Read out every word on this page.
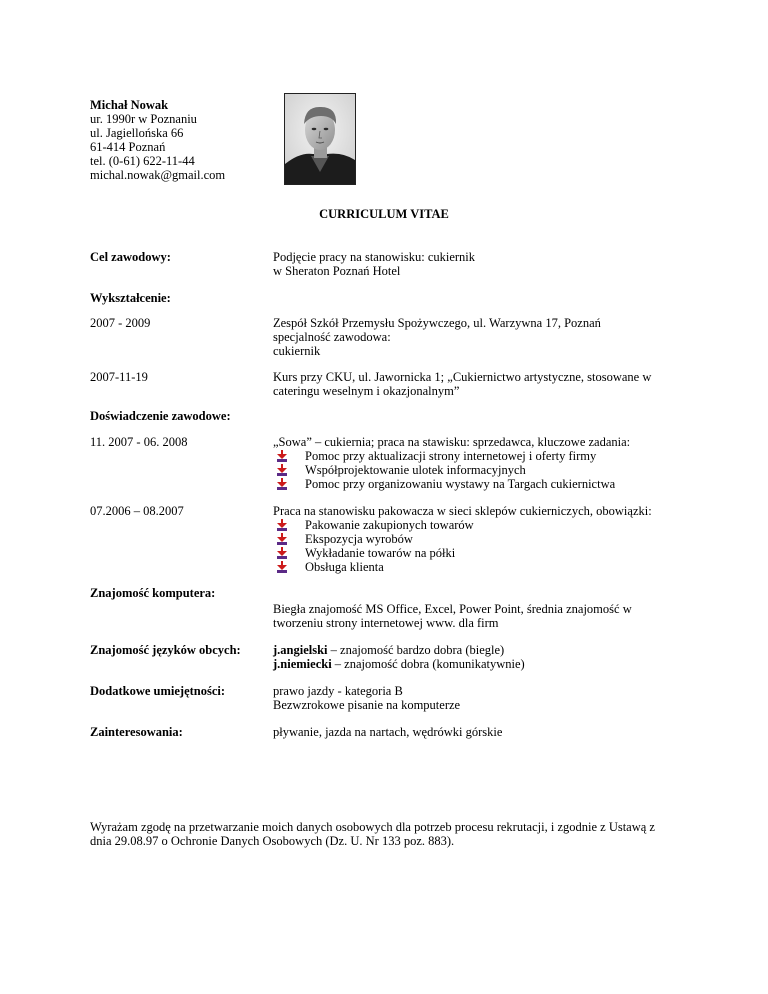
Michał Nowak
ur. 1990r w Poznaniu
ul. Jagiellońska 66
61-414 Poznań
tel. (0-61) 622-11-44
michal.nowak@gmail.com
CURRICULUM VITAE
Cel zawodowy:	Podjęcie pracy na stanowisku: cukiernik
w Sheraton Poznań Hotel
Wykształcenie:
2007 - 2009	Zespół Szkół Przemysłu Spożywczego, ul. Warzywna 17, Poznań
specjalność zawodowa:
cukiernik
2007-11-19	Kurs przy CKU, ul. Jawornicka 1; „Cukiernictwo artystyczne, stosowane w
cateringu weselnym i okazjonalnym”
Doświadczenie zawodowe:
11. 2007 - 06. 2008	„Sowa” – cukiernia; praca na stawisku: sprzedawca, kluczowe zadania:
Pomoc przy aktualizacji strony internetowej i oferty firmy
Współprojektowanie ulotek informacyjnych
Pomoc przy organizowaniu wystawy na Targach cukiernictwa
07.2006 – 08.2007	Praca na stanowisku pakowacza w sieci sklepów cukierniczych, obowiązki:
Pakowanie zakupionych towarów
Ekspozycja wyrobów
Wykładanie towarów na półki
Obsługa klienta
Znajomość komputera:
Biegła znajomość MS Office, Excel, Power Point, średnia znajomość w
tworzeniu strony internetowej www. dla firm
Znajomość języków obcych:	j.angielski – znajomość bardzo dobra (biegle)
j.niemiecki – znajomość dobra (komunikatywnie)
Dodatkowe umiejętności:	prawo jazdy - kategoria B
Bezwzrokowe pisanie na komputerze
Zainteresowania:	pływanie, jazda na nartach, wędrówki górskie
Wyrażam zgodę na przetwarzanie moich danych osobowych dla potrzeb procesu rekrutacji, i zgodnie z Ustawą z
dnia 29.08.97 o Ochronie Danych Osobowych (Dz. U. Nr 133 poz. 883).
